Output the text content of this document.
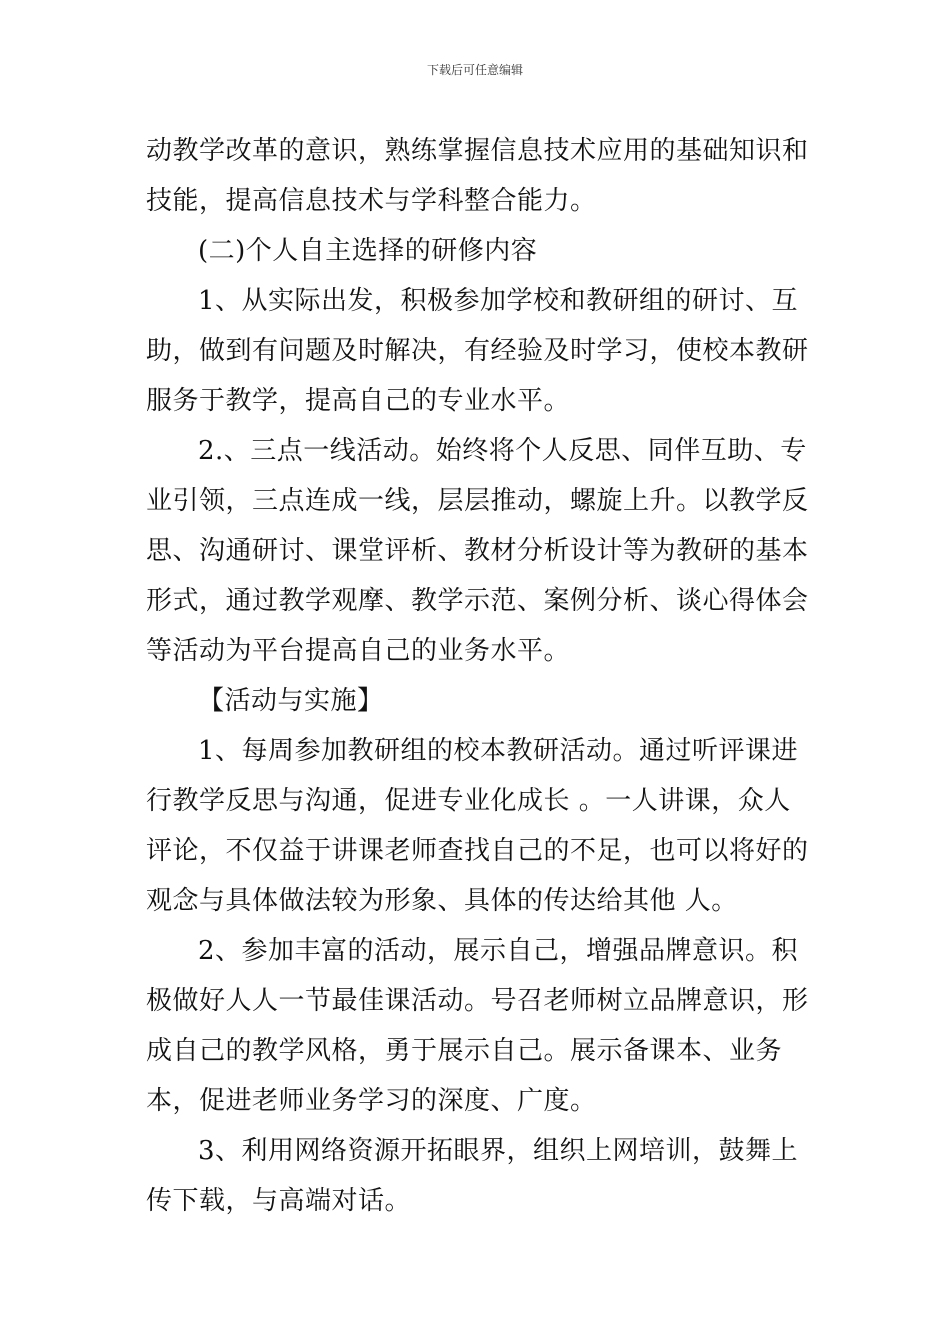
下载后可任意编辑

动教学改革的意识，熟练掌握信息技术应用的基础知识和技能，提高信息技术与学科整合能力。

(二)个人自主选择的研修内容

1、从实际出发，积极参加学校和教研组的研讨、互助，做到有问题及时解决，有经验及时学习，使校本教研服务于教学，提高自己的专业水平。

2.、三点一线活动。始终将个人反思、同伴互助、专业引领，三点连成一线，层层推动，螺旋上升。以教学反思、沟通研讨、课堂评析、教材分析设计等为教研的基本形式，通过教学观摩、教学示范、案例分析、谈心得体会等活动为平台提高自己的业务水平。

【活动与实施】

1、每周参加教研组的校本教研活动。通过听评课进行教学反思与沟通，促进专业化成长 。一人讲课，众人评论，不仅益于讲课老师查找自己的不足，也可以将好的观念与具体做法较为形象、具体的传达给其他 人。

2、参加丰富的活动，展示自己，增强品牌意识。积极做好人人一节最佳课活动。号召老师树立品牌意识，形成自己的教学风格，勇于展示自己。展示备课本、业务本，促进老师业务学习的深度、广度。

3、利用网络资源开拓眼界，组织上网培训，鼓舞上传下载，与高端对话。
